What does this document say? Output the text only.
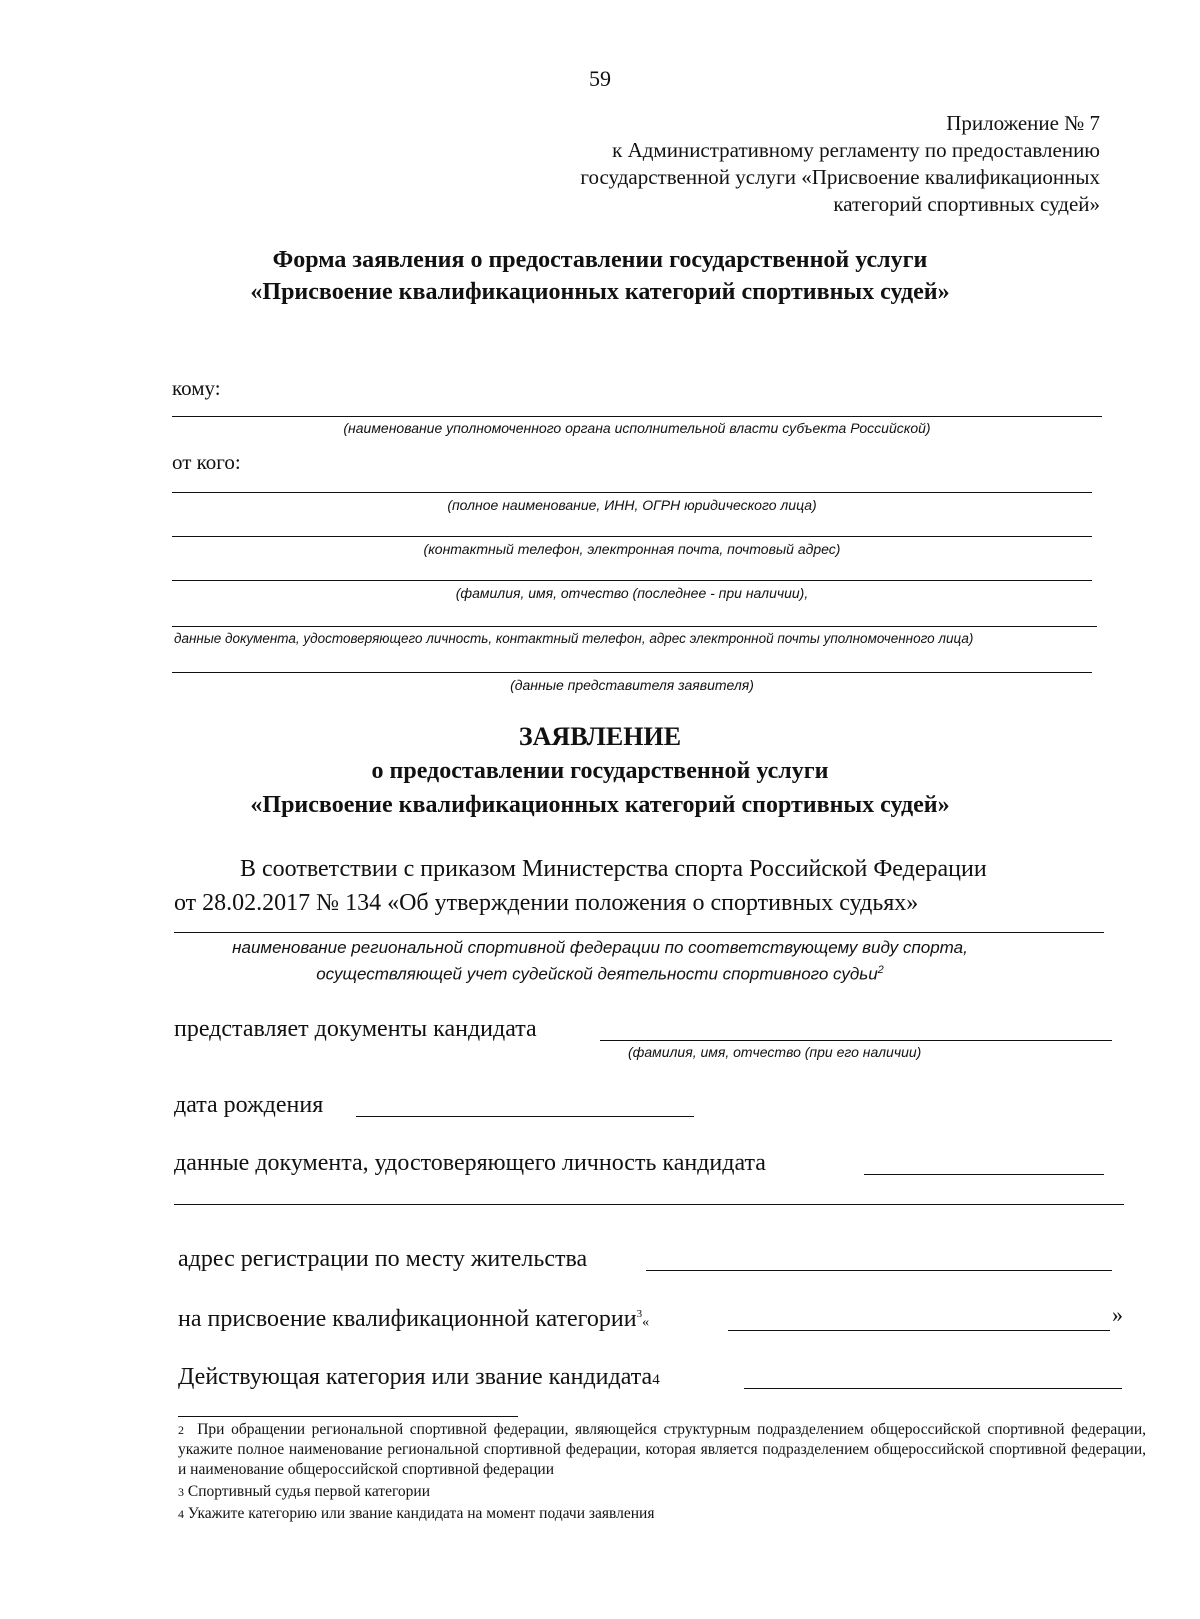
59
Приложение № 7
к Административному регламенту по предоставлению
государственной услуги «Присвоение квалификационных
категорий спортивных судей»
Форма заявления о предоставлении государственной услуги
«Присвоение квалификационных категорий спортивных судей»
кому:
(наименование уполномоченного органа исполнительной власти субъекта Российской)
от кого:
(полное наименование, ИНН, ОГРН юридического лица)
(контактный телефон, электронная почта, почтовый адрес)
(фамилия, имя, отчество (последнее - при наличии),
данные документа, удостоверяющего личность, контактный телефон, адрес электронной почты уполномоченного лица)
(данные представителя заявителя)
ЗАЯВЛЕНИЕ
о предоставлении государственной услуги
«Присвоение квалификационных категорий спортивных судей»
В соответствии с приказом Министерства спорта Российской Федерации
от 28.02.2017 № 134 «Об утверждении положения о спортивных судьях»
наименование региональной спортивной федерации по соответствующему виду спорта,
осуществляющей учет судейской деятельности спортивного судьи$^2$
представляет документы кандидата
(фамилия, имя, отчество (при его наличии)
дата рождения
данные документа, удостоверяющего личность кандидата
адрес регистрации по месту жительства
на присвоение квалификационной категории$^3$«	»
Действующая категория или звание кандидата4
2 При обращении региональной спортивной федерации, являющейся структурным подразделением общероссийской спортивной федерации, укажите полное наименование региональной спортивной федерации, которая является подразделением общероссийской спортивной федерации, и наименование общероссийской спортивной федерации
3 Спортивный судья первой категории
4 Укажите категорию или звание кандидата на момент подачи заявления
